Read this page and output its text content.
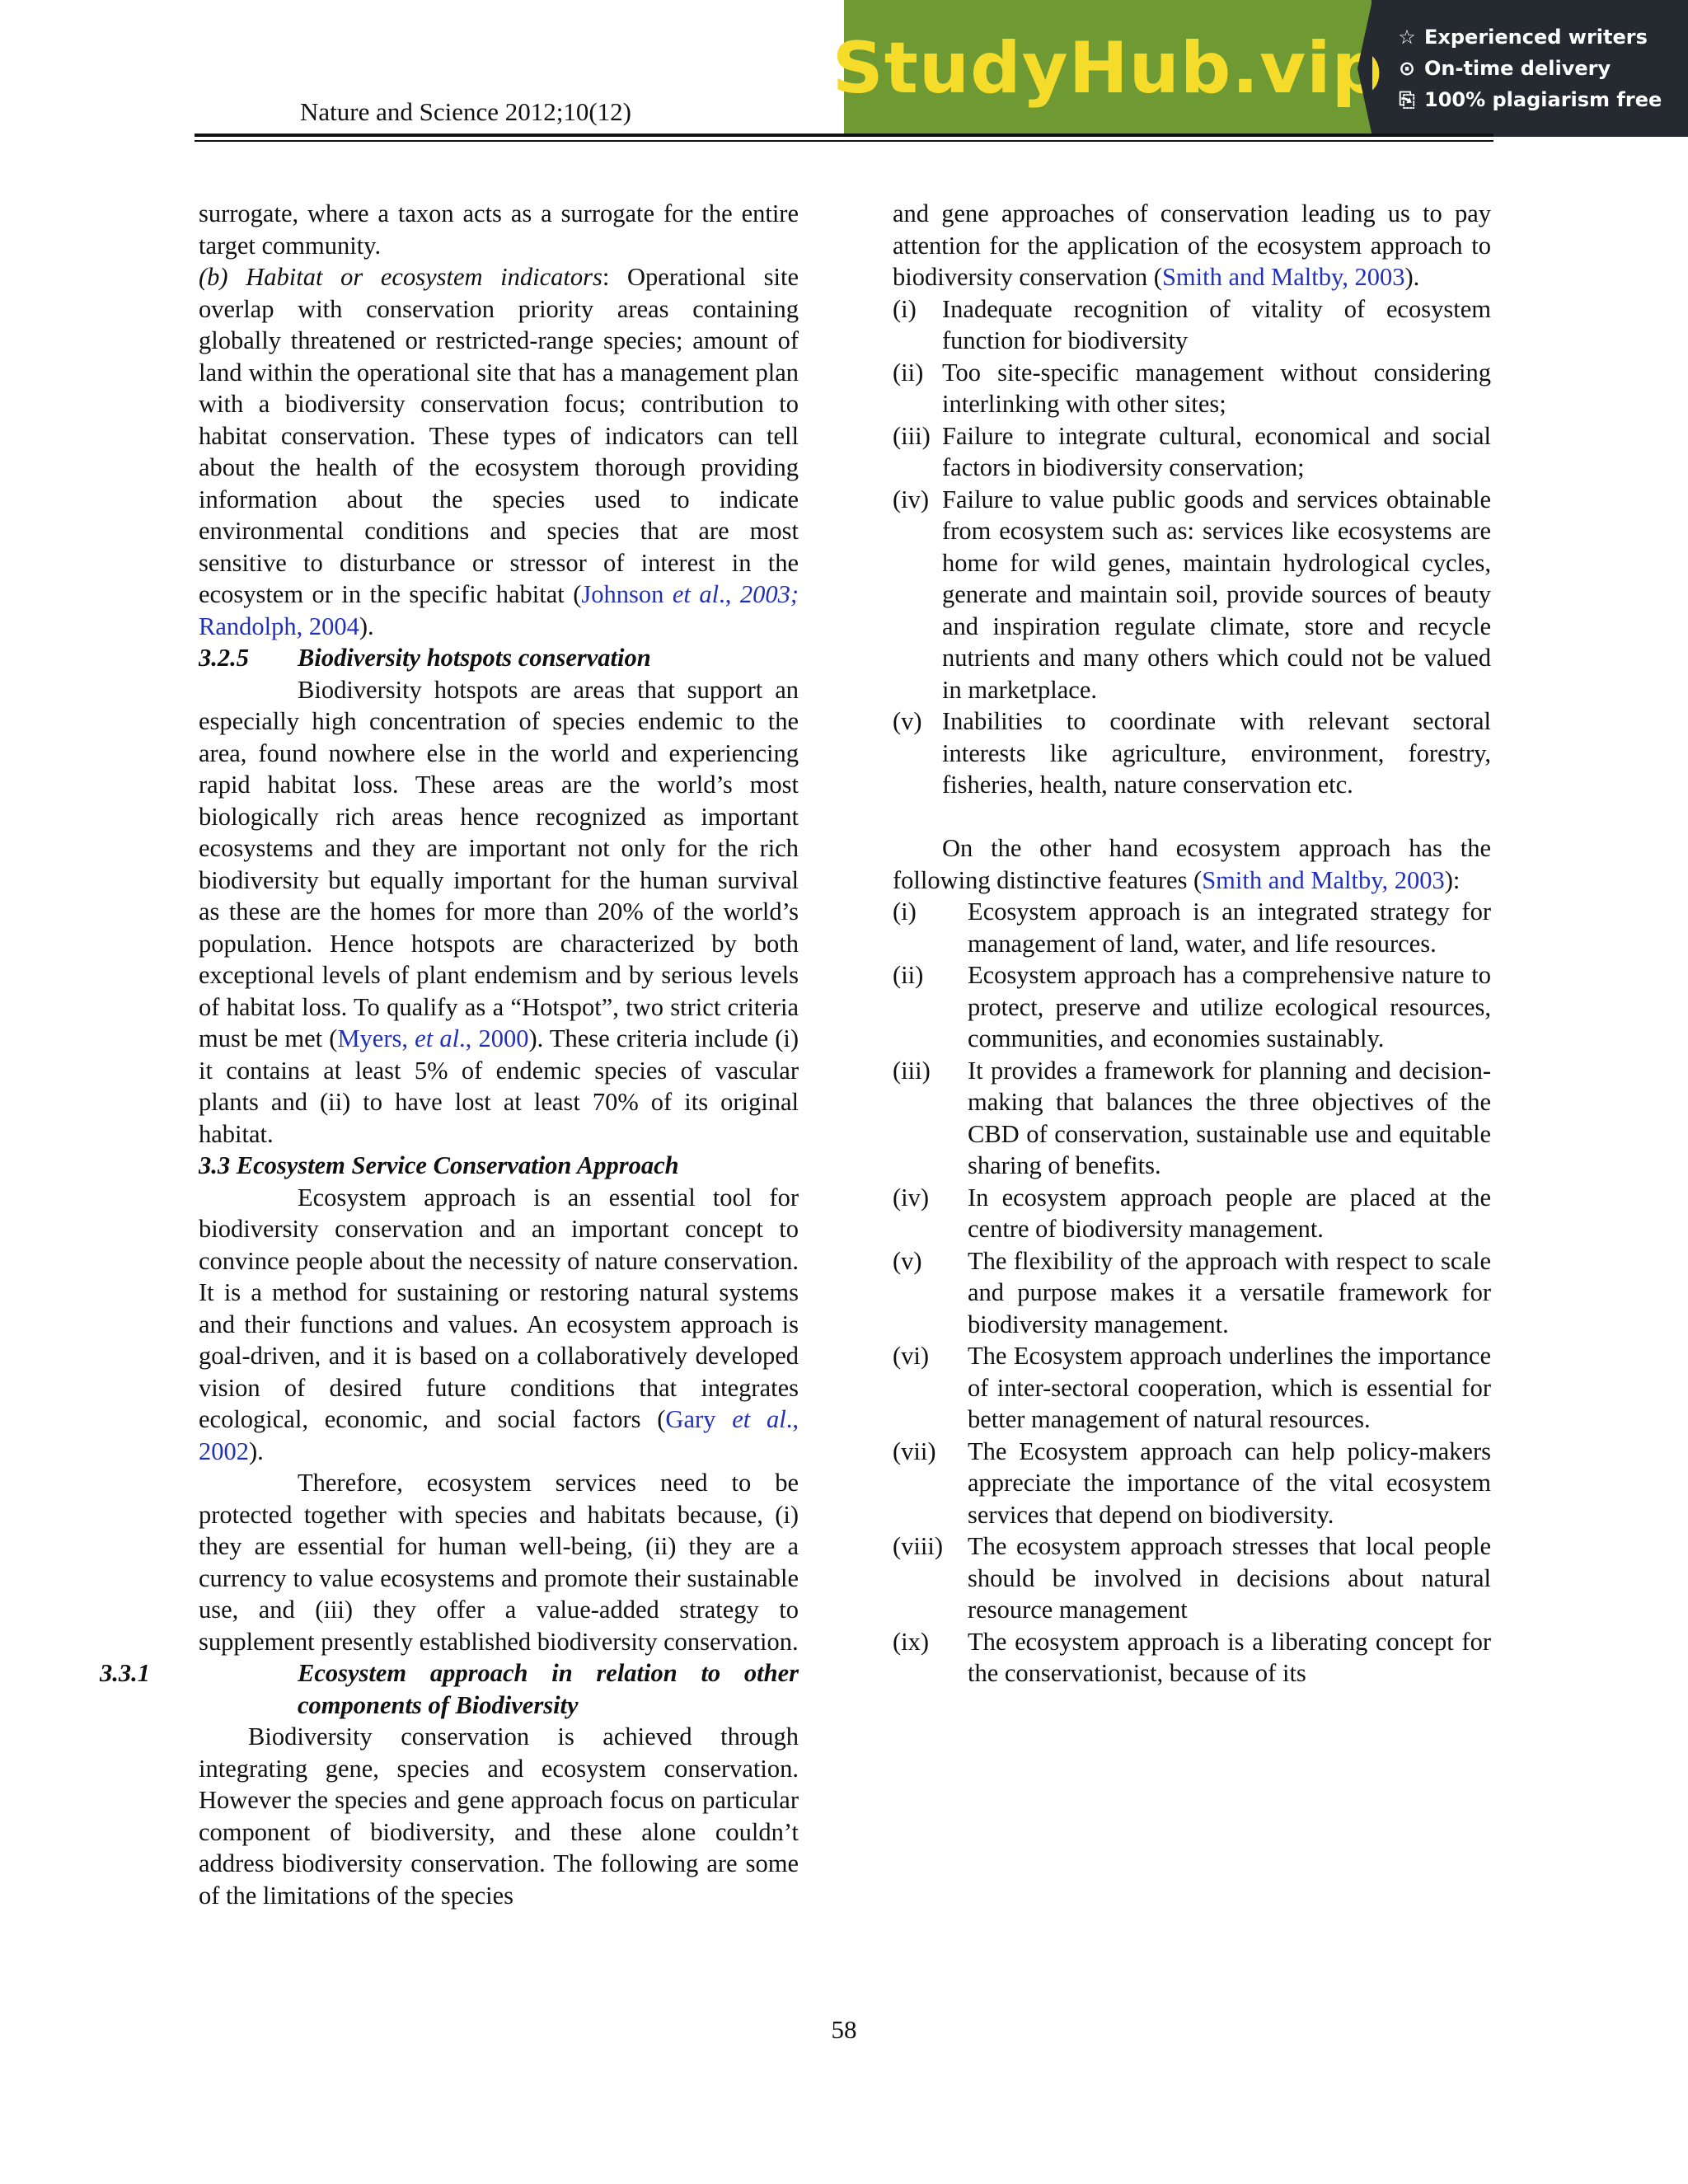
Nature and Science 2012;10(12)
StudyHub.vip ☆ Experienced writers
⊙ On-time delivery
⎘ 100% plagiarism free

surrogate, where a taxon acts as a surrogate for the entire target community.

(b) Habitat or ecosystem indicators: Operational site overlap with conservation priority areas containing globally threatened or restricted-range species; amount of land within the operational site that has a management plan with a biodiversity conservation focus; contribution to habitat conservation. These types of indicators can tell about the health of the ecosystem thorough providing information about the species used to indicate environmental conditions and species that are most sensitive to disturbance or stressor of interest in the ecosystem or in the specific habitat (Johnson et al., 2003; Randolph, 2004).

3.2.5 Biodiversity hotspots conservation

Biodiversity hotspots are areas that support an especially high concentration of species endemic to the area, found nowhere else in the world and experiencing rapid habitat loss. These areas are the world’s most biologically rich areas hence recognized as important ecosystems and they are important not only for the rich biodiversity but equally important for the human survival as these are the homes for more than 20% of the world’s population. Hence hotspots are characterized by both exceptional levels of plant endemism and by serious levels of habitat loss. To qualify as a “Hotspot”, two strict criteria must be met (Myers, et al., 2000). These criteria include (i) it contains at least 5% of endemic species of vascular plants and (ii) to have lost at least 70% of its original habitat.

3.3 Ecosystem Service Conservation Approach

Ecosystem approach is an essential tool for biodiversity conservation and an important concept to convince people about the necessity of nature conservation. It is a method for sustaining or restoring natural systems and their functions and values. An ecosystem approach is goal-driven, and it is based on a collaboratively developed vision of desired future conditions that integrates ecological, economic, and social factors (Gary et al., 2002).

Therefore, ecosystem services need to be protected together with species and habitats because, (i) they are essential for human well-being, (ii) they are a currency to value ecosystems and promote their sustainable use, and (iii) they offer a value-added strategy to supplement presently established biodiversity conservation.

3.3.1	Ecosystem approach in relation to other components of Biodiversity

Biodiversity conservation is achieved through integrating gene, species and ecosystem conservation. However the species and gene approach focus on particular component of biodiversity, and these alone couldn’t address biodiversity conservation. The following are some of the limitations of the species

and gene approaches of conservation leading us to pay attention for the application of the ecosystem approach to biodiversity conservation (Smith and Maltby, 2003).

(i)	Inadequate recognition of vitality of ecosystem function for biodiversity
(ii) Too site-specific management without considering interlinking with other sites;
(iii) Failure to integrate cultural, economical and social factors in biodiversity conservation;
(iv) Failure to value public goods and services obtainable from ecosystem such as: services like ecosystems are home for wild genes, maintain hydrological cycles, generate and maintain soil, provide sources of beauty and inspiration regulate climate, store and recycle nutrients and many others which could not be valued in marketplace.
(v) Inabilities to coordinate with relevant sectoral interests like agriculture, environment, forestry, fisheries, health, nature conservation etc.

On the other hand ecosystem approach has the following distinctive features (Smith and Maltby, 2003):

(i)	Ecosystem approach is an integrated strategy for management of land, water, and life resources.
(ii)	Ecosystem approach has a comprehensive nature to protect, preserve and utilize ecological resources, communities, and economies sustainably.
(iii)	It provides a framework for planning and decision-making that balances the three objectives of the CBD of conservation, sustainable use and equitable sharing of benefits.
(iv)	In ecosystem approach people are placed at the centre of biodiversity management.
(v)	The flexibility of the approach with respect to scale and purpose makes it a versatile framework for biodiversity management.
(vi)	The Ecosystem approach underlines the importance of inter-sectoral cooperation, which is essential for better management of natural resources.
(vii)	The Ecosystem approach can help policy-makers appreciate the importance of the vital ecosystem services that depend on biodiversity.
(viii) The ecosystem approach stresses that local people should be involved in decisions about natural resource management
(ix)	The ecosystem approach is a liberating concept for the conservationist, because of its
58
